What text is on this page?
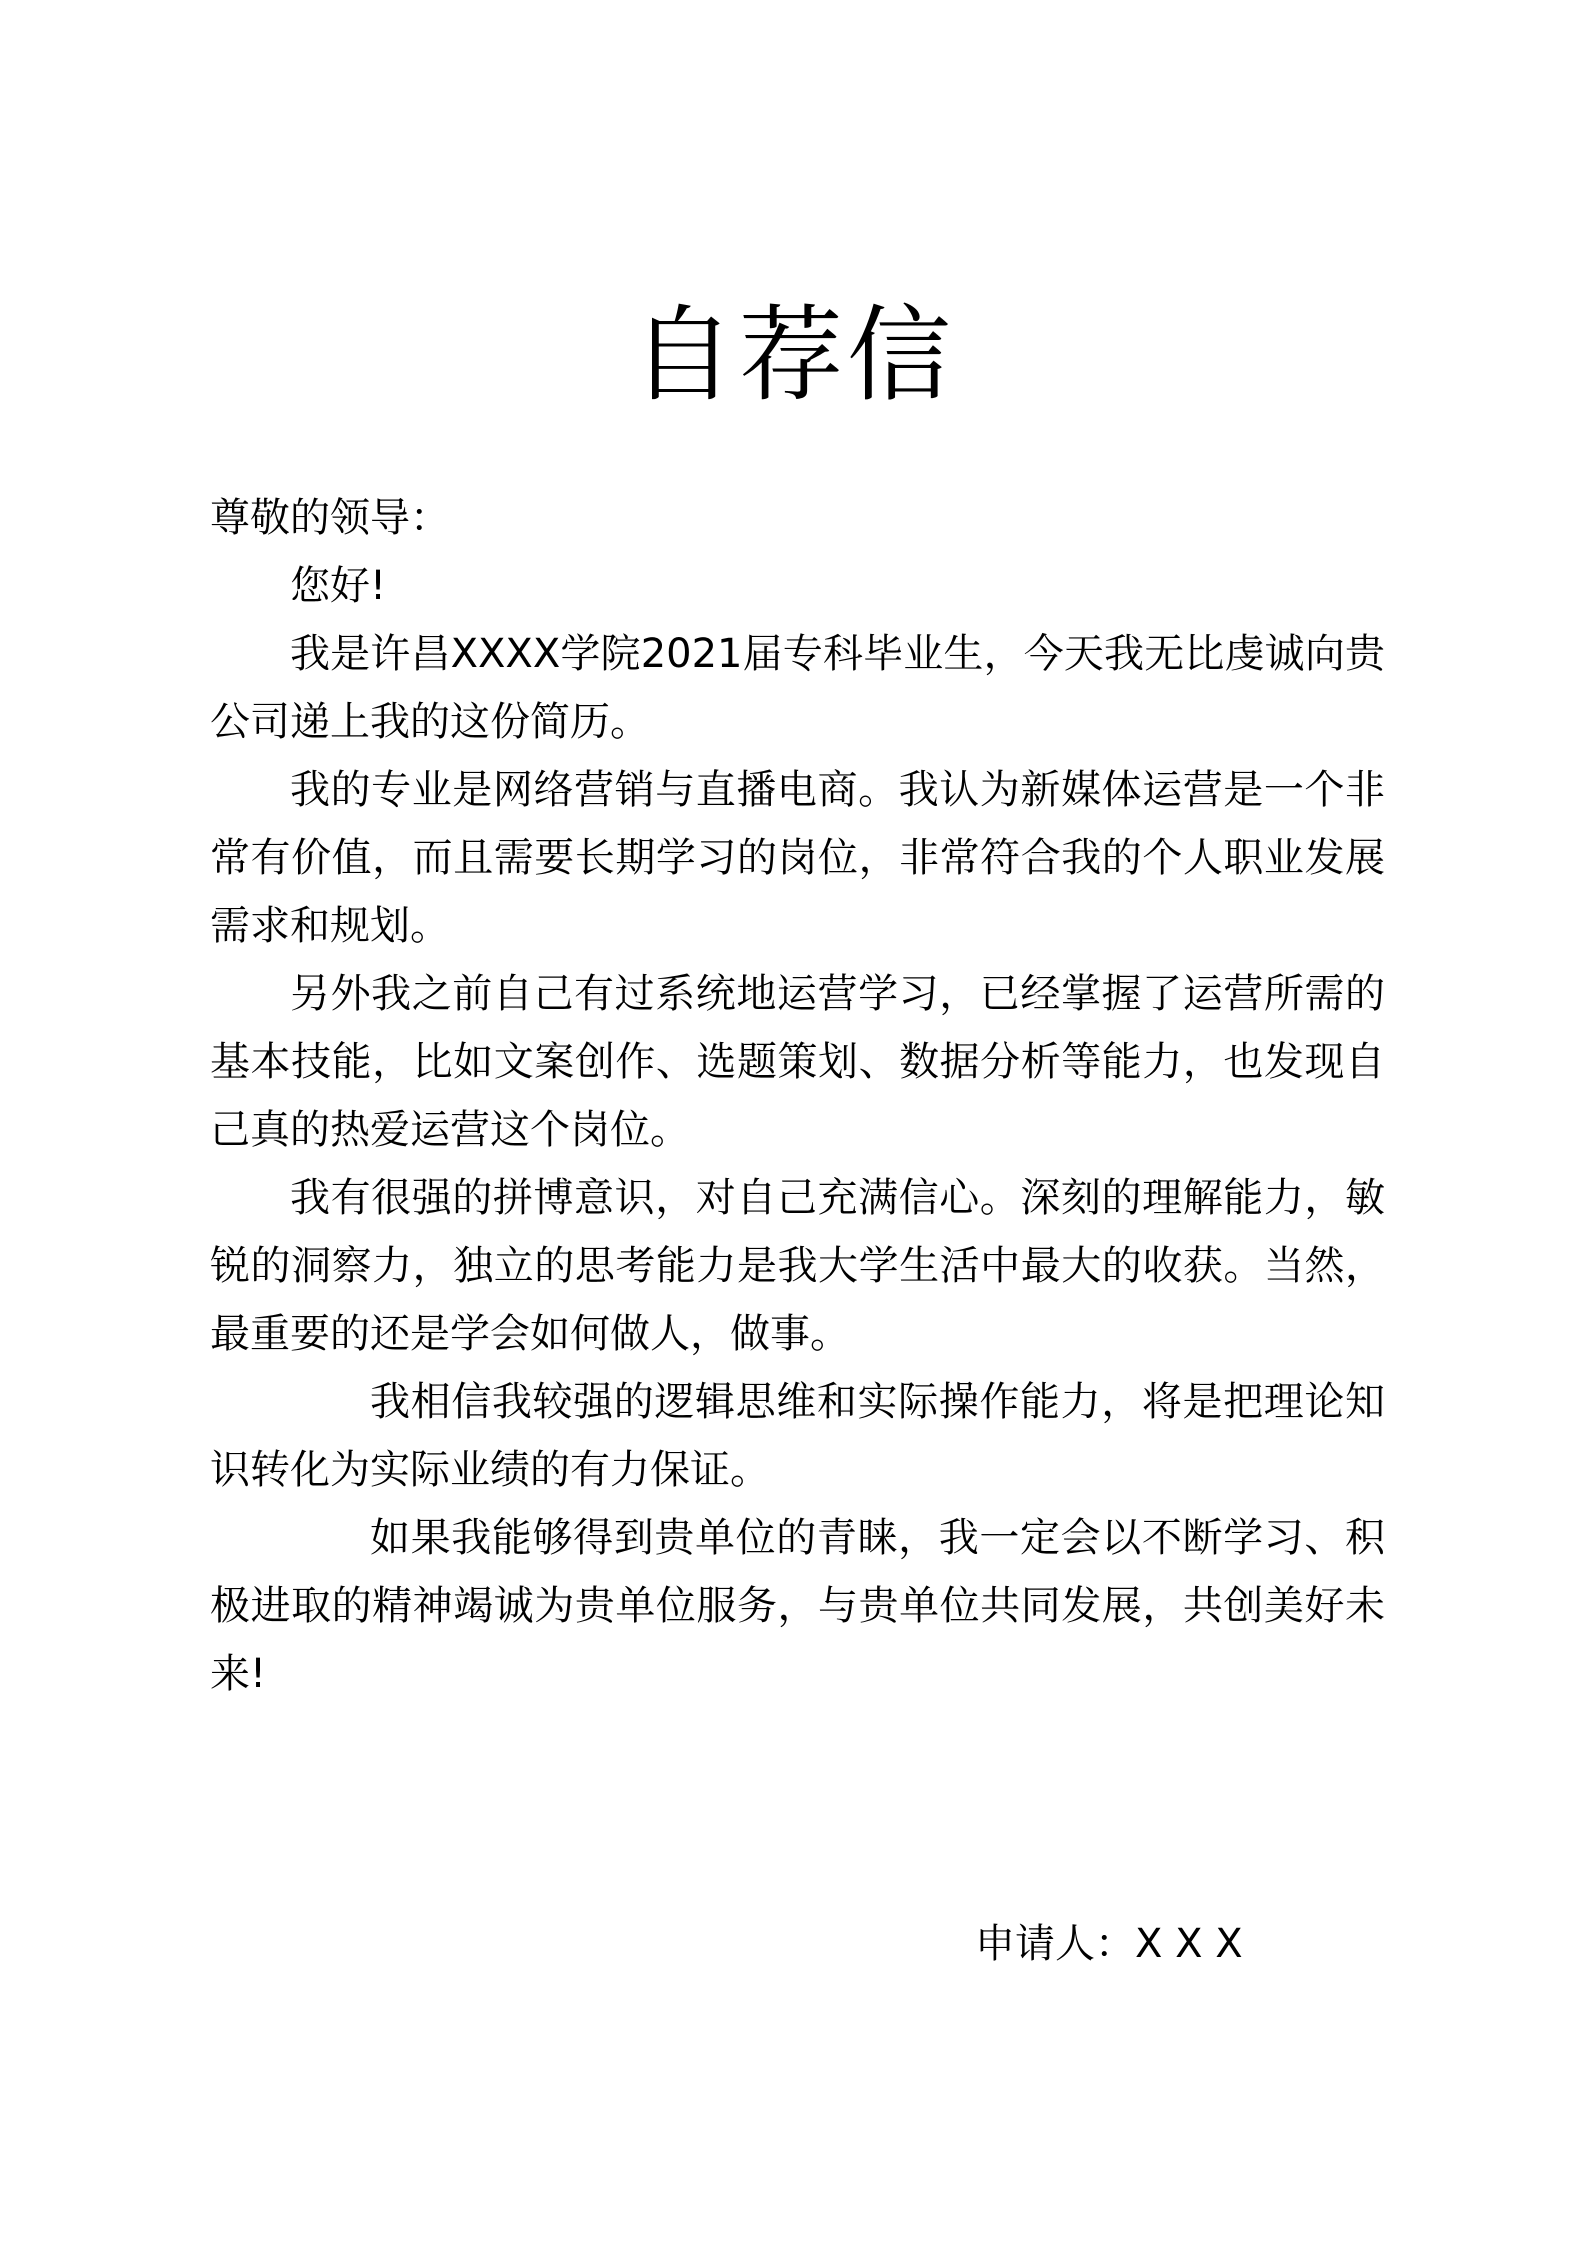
自荐信
尊敬的领导：

您好!

我是许昌XXXX学院2021届专科毕业生，今天我无比虔诚向贵公司递上我的这份简历。

我的专业是网络营销与直播电商。我认为新媒体运营是一个非常有价值，而且需要长期学习的岗位，非常符合我的个人职业发展需求和规划。

另外我之前自己有过系统地运营学习，已经掌握了运营所需的基本技能，比如文案创作、选题策划、数据分析等能力，也发现自己真的热爱运营这个岗位。

我有很强的拼博意识，对自己充满信心。深刻的理解能力，敏锐的洞察力，独立的思考能力是我大学生活中最大的收获。当然，最重要的还是学会如何做人，做事。

我相信我较强的逻辑思维和实际操作能力，将是把理论知识转化为实际业绩的有力保证。

如果我能够得到贵单位的青睐，我一定会以不断学习、积极进取的精神竭诚为贵单位服务，与贵单位共同发展，共创美好未来!

申请人：X X X
